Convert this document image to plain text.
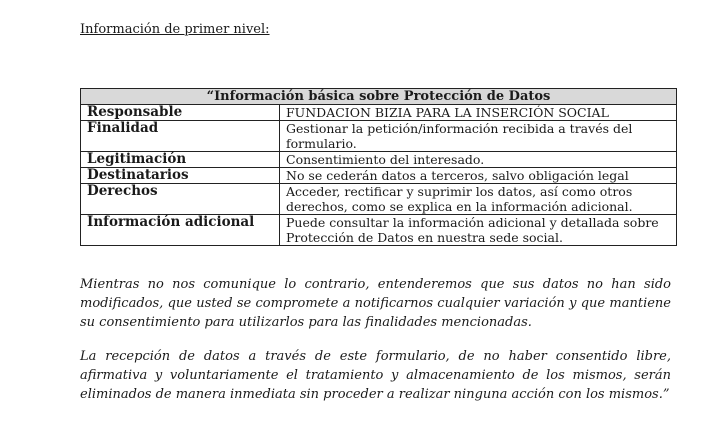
Información de primer nivel:
“Información básica sobre Protección de Datos	
Responsable	FUNDACION BIZIA PARA LA INSERCIÓN SOCIAL
Finalidad	Gestionar la petición/información recibida a través del formulario.
Legitimación	Consentimiento del interesado.
Destinatarios	No se cederán datos a terceros, salvo obligación legal
Derechos	Acceder, rectificar y suprimir los datos, así como otros derechos, como se explica en la información adicional.
Información adicional	Puede consultar la información adicional y detallada sobre Protección de Datos en nuestra sede social.

Mientras no nos comunique lo contrario, entenderemos que sus datos no han sido modificados, que usted se compromete a notificarnos cualquier variación y que mantiene su consentimiento para utilizarlos para las finalidades mencionadas.

La recepción de datos a través de este formulario, de no haber consentido libre, afirmativa y voluntariamente el tratamiento y almacenamiento de los mismos, serán eliminados de manera inmediata sin proceder a realizar ninguna acción con los mismos.”
